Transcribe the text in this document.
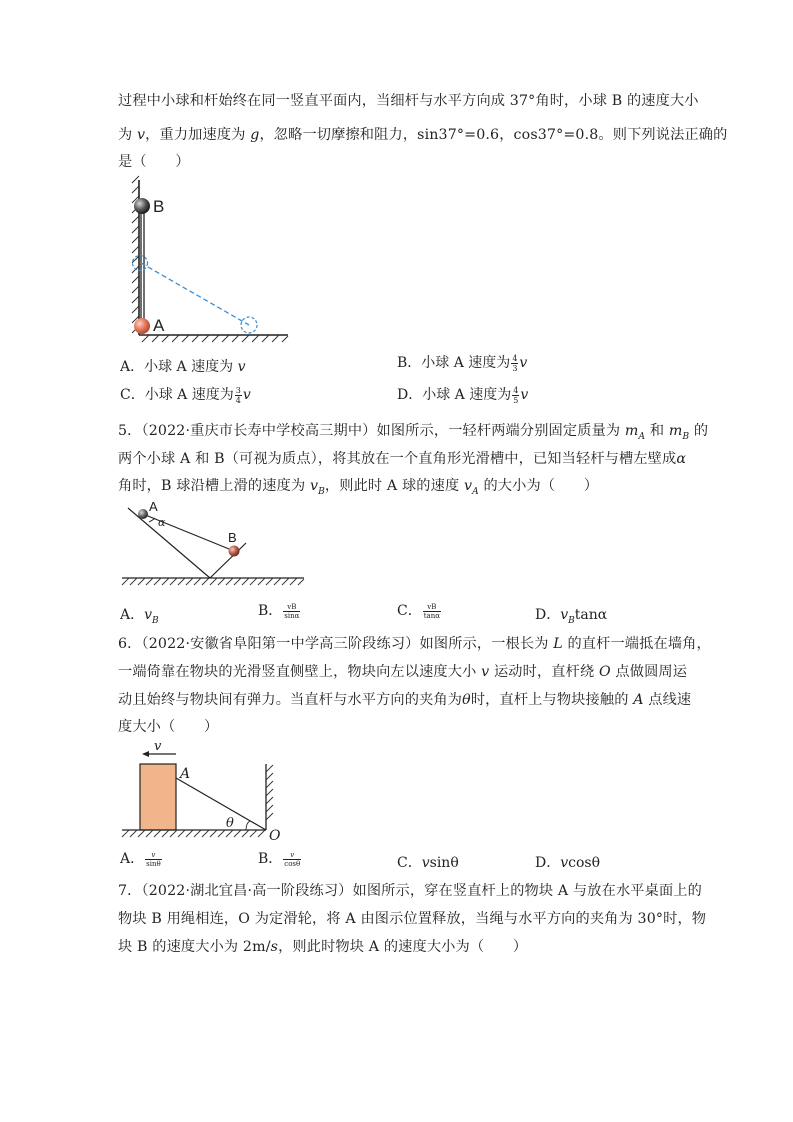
过程中小球和杆始终在同一竖直平面内，当细杆与水平方向成 37°角时，小球 B 的速度大小
为 v，重力加速度为 g，忽略一切摩擦和阻力，sin37°=0.6，cos37°=0.8。则下列说法正确的
是（　　）
B
A
A．小球 A 速度为 v	B．小球 A 速度为 $\frac{4}{3}$ v
C．小球 A 速度为 $\frac{3}{4}$ v	D．小球 A 速度为 $\frac{4}{5}$ v
5．（2022·重庆市长寿中学校高三期中）如图所示，一轻杆两端分别固定质量为 $m_A$ 和 $m_B$ 的
两个小球 A 和 B（可视为质点），将其放在一个直角形光滑槽中，已知当轻杆与槽左壁成α
角时，B 球沿槽上滑的速度为 $v_B$，则此时 A 球的速度 $v_A$ 的大小为（　　）
A
B
α
A．$v_B$
B． $\frac{vB}{\sin\alpha}$	C． $\frac{vB}{\tan\alpha}$	D．$v_B\tan\alpha$
6．（2022·安徽省阜阳第一中学高三阶段练习）如图所示，一根长为 L 的直杆一端抵在墙角，
一端倚靠在物块的光滑竖直侧壁上，物块向左以速度大小 v 运动时，直杆绕 O 点做圆周运
动且始终与物块间有弹力。当直杆与水平方向的夹角为θ时，直杆上与物块接触的 A 点线速
度大小（　　）
v
A
θ
O
A． $\frac{v}{\sin\theta}$	B． $\frac{v}{\cos\theta}$	C．vsinθ	D．vcosθ
7．（2022·湖北宜昌·高一阶段练习）如图所示，穿在竖直杆上的物块 A 与放在水平桌面上的
物块 B 用绳相连，O 为定滑轮，将 A 由图示位置释放，当绳与水平方向的夹角为 30°时，物
块 B 的速度大小为 2m/s，则此时物块 A 的速度大小为（　　）
